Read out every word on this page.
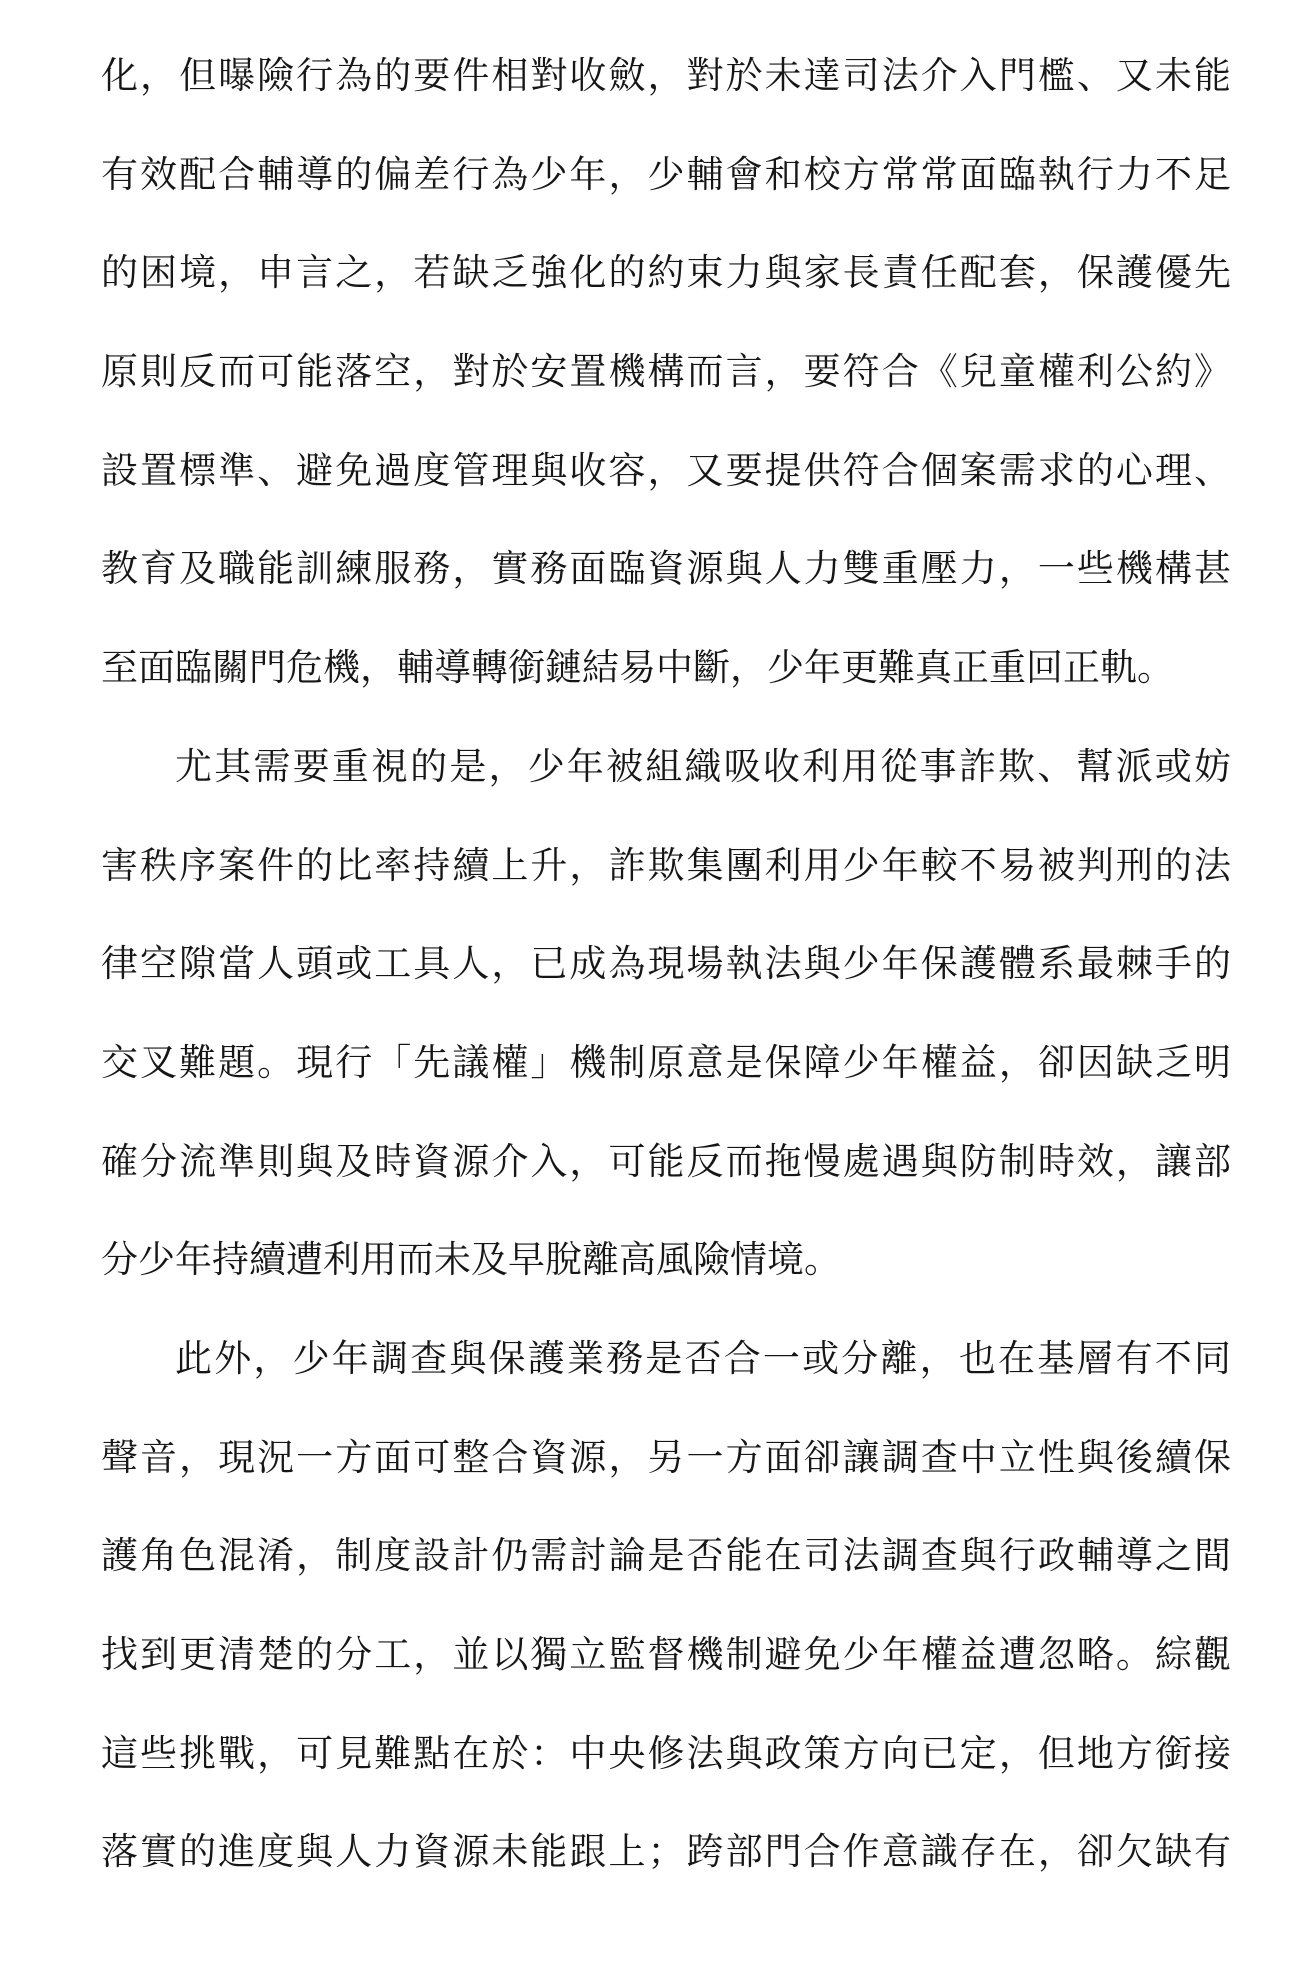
化，但曝險行為的要件相對收斂，對於未達司法介入門檻、又未能
有效配合輔導的偏差行為少年，少輔會和校方常常面臨執行力不足
的困境，申言之，若缺乏強化的約束力與家長責任配套，保護優先
原則反而可能落空，對於安置機構而言，要符合《兒童權利公約》
設置標準、避免過度管理與收容，又要提供符合個案需求的心理、
教育及職能訓練服務，實務面臨資源與人力雙重壓力，一些機構甚
至面臨關門危機，輔導轉銜鏈結易中斷，少年更難真正重回正軌。
尤其需要重視的是，少年被組織吸收利用從事詐欺、幫派或妨
害秩序案件的比率持續上升，詐欺集團利用少年較不易被判刑的法
律空隙當人頭或工具人，已成為現場執法與少年保護體系最棘手的
交叉難題。現行「先議權」機制原意是保障少年權益，卻因缺乏明
確分流準則與及時資源介入，可能反而拖慢處遇與防制時效，讓部
分少年持續遭利用而未及早脫離高風險情境。
此外，少年調查與保護業務是否合一或分離，也在基層有不同
聲音，現況一方面可整合資源，另一方面卻讓調查中立性與後續保
護角色混淆，制度設計仍需討論是否能在司法調查與行政輔導之間
找到更清楚的分工，並以獨立監督機制避免少年權益遭忽略。綜觀
這些挑戰，可見難點在於：中央修法與政策方向已定，但地方銜接
落實的進度與人力資源未能跟上；跨部門合作意識存在，卻欠缺有
